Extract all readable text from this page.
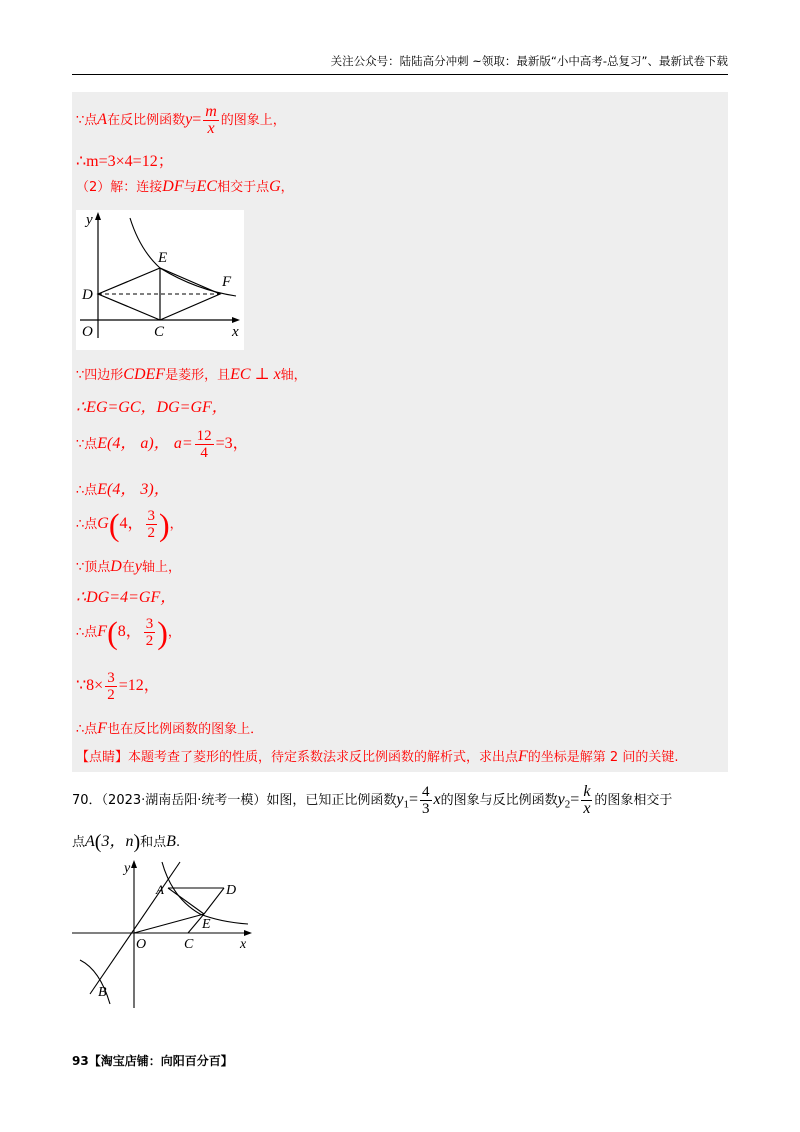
关注公众号：陆陆高分冲刺 ~领取：最新版“小中高考-总复习”、最新试卷下载
∵点A在反比例函数$y= \frac{m}{x}$ 的图象上，
∴m=3×4=12；
（2）解：连接DF与EC相交于点G，
y
x
O
D
E
F
C
∵四边形CDEF是菱形，且EC ⊥ x轴，
∴EG=GC，DG=GF，
∵点E(4， a)， $a= \frac{12}{4} =3$，
∴点E(4， 3)，
∴点G(4， $\frac{3}{2}$ )，
∵顶点D在y轴上，
∴DG=4=GF，
∴点F(8， $\frac{3}{2}$ )，
∵8× $\frac{3}{2} =12$，
∴点F也在反比例函数的图象上．
【点睛】本题考查了菱形的性质，待定系数法求反比例函数的解析式，求出点F的坐标是解第 2 问的关键.
70．（2023·湖南岳阳·统考一模）如图，已知正比例函数$y_1= \frac{4}{3}$ x的图象与反比例函数$y_2= \frac{k}{x}$ 的图象相交于
点A(3，n)和点B.
y
x
O
A	D
E
C
B
93【淘宝店铺：向阳百分百】
